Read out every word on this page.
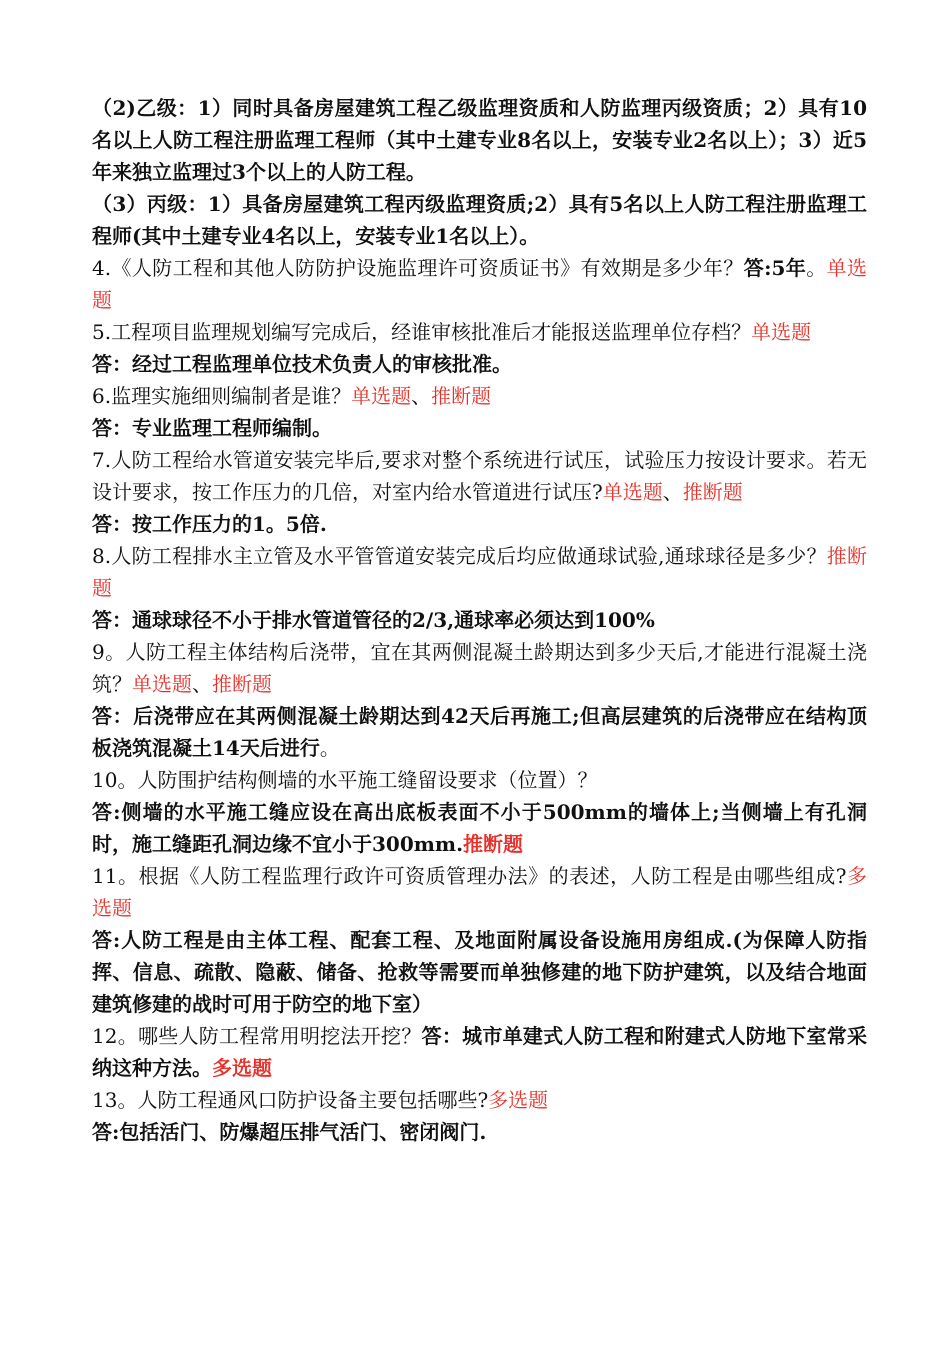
（2)乙级：1）同时具备房屋建筑工程乙级监理资质和人防监理丙级资质；2）具有10名以上人防工程注册监理工程师（其中土建专业8名以上，安装专业2名以上）；3）近5年来独立监理过3个以上的人防工程。

（3）丙级：1）具备房屋建筑工程丙级监理资质;2）具有5名以上人防工程注册监理工程师(其中土建专业4名以上，安装专业1名以上）。

4.《人防工程和其他人防防护设施监理许可资质证书》有效期是多少年？答:5年。单选题

5.工程项目监理规划编写完成后，经谁审核批准后才能报送监理单位存档？单选题

答：经过工程监理单位技术负责人的审核批准。

6.监理实施细则编制者是谁？单选题、推断题

答：专业监理工程师编制。

7.人防工程给水管道安装完毕后,要求对整个系统进行试压，试验压力按设计要求。若无设计要求，按工作压力的几倍，对室内给水管道进行试压?单选题、推断题

答：按工作压力的1。5倍.

8.人防工程排水主立管及水平管管道安装完成后均应做通球试验,通球球径是多少？推断题

答：通球球径不小于排水管道管径的2/3,通球率必须达到100%

9。人防工程主体结构后浇带，宜在其两侧混凝土龄期达到多少天后,才能进行混凝土浇筑？单选题、推断题

答：后浇带应在其两侧混凝土龄期达到42天后再施工;但高层建筑的后浇带应在结构顶板浇筑混凝土14天后进行。

10。人防围护结构侧墙的水平施工缝留设要求（位置）？

答:侧墙的水平施工缝应设在高出底板表面不小于500mm的墙体上;当侧墙上有孔洞时，施工缝距孔洞边缘不宜小于300mm.推断题

11。根据《人防工程监理行政许可资质管理办法》的表述，人防工程是由哪些组成?多选题

答:人防工程是由主体工程、配套工程、及地面附属设备设施用房组成.(为保障人防指挥、信息、疏散、隐蔽、储备、抢救等需要而单独修建的地下防护建筑，以及结合地面建筑修建的战时可用于防空的地下室）

12。哪些人防工程常用明挖法开挖？答：城市单建式人防工程和附建式人防地下室常采纳这种方法。多选题

13。人防工程通风口防护设备主要包括哪些?多选题

答:包括活门、防爆超压排气活门、密闭阀门.
